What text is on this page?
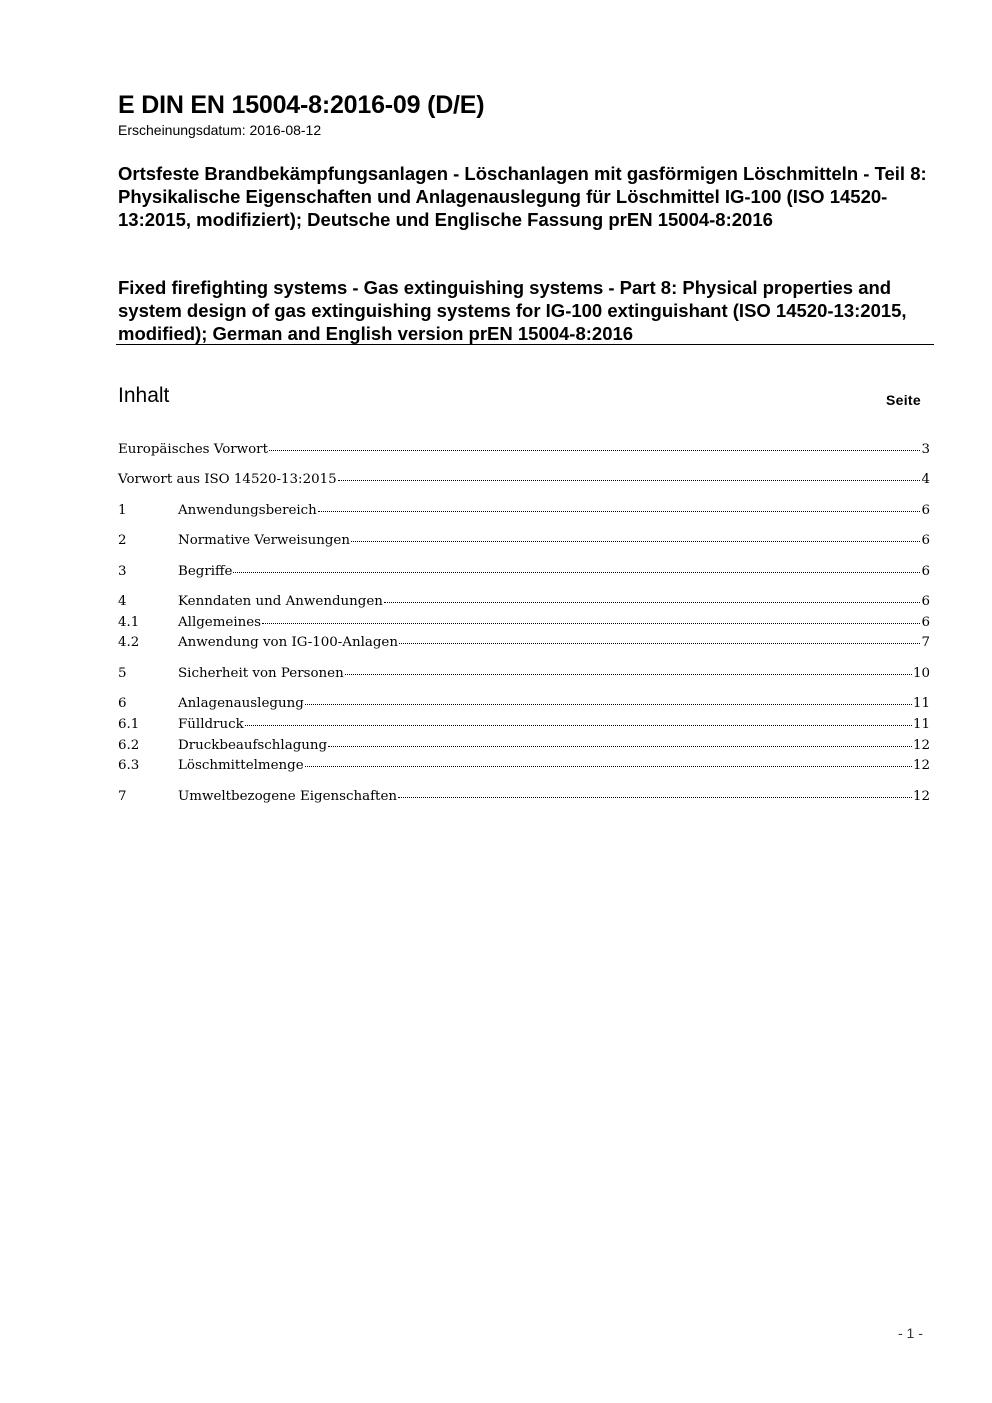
E DIN EN 15004-8:2016-09 (D/E)
Erscheinungsdatum: 2016-08-12
Ortsfeste Brandbekämpfungsanlagen - Löschanlagen mit gasförmigen Löschmitteln - Teil 8: Physikalische Eigenschaften und Anlagenauslegung für Löschmittel IG-100 (ISO 14520-13:2015, modifiziert); Deutsche und Englische Fassung prEN 15004-8:2016
Fixed firefighting systems - Gas extinguishing systems - Part 8: Physical properties and system design of gas extinguishing systems for IG-100 extinguishant (ISO 14520-13:2015, modified); German and English version prEN 15004-8:2016
Inhalt	Seite
Europäisches Vorwort	3
Vorwort aus ISO 14520-13:2015	4
1	Anwendungsbereich	6
2	Normative Verweisungen	6
3	Begriffe	6
4	Kenndaten und Anwendungen	6
4.1	Allgemeines	6
4.2	Anwendung von IG-100-Anlagen	7
5	Sicherheit von Personen	10
6	Anlagenauslegung	11
6.1	Fülldruck	11
6.2	Druckbeaufschlagung	12
6.3	Löschmittelmenge	12
7	Umweltbezogene Eigenschaften	12
- 1 -
